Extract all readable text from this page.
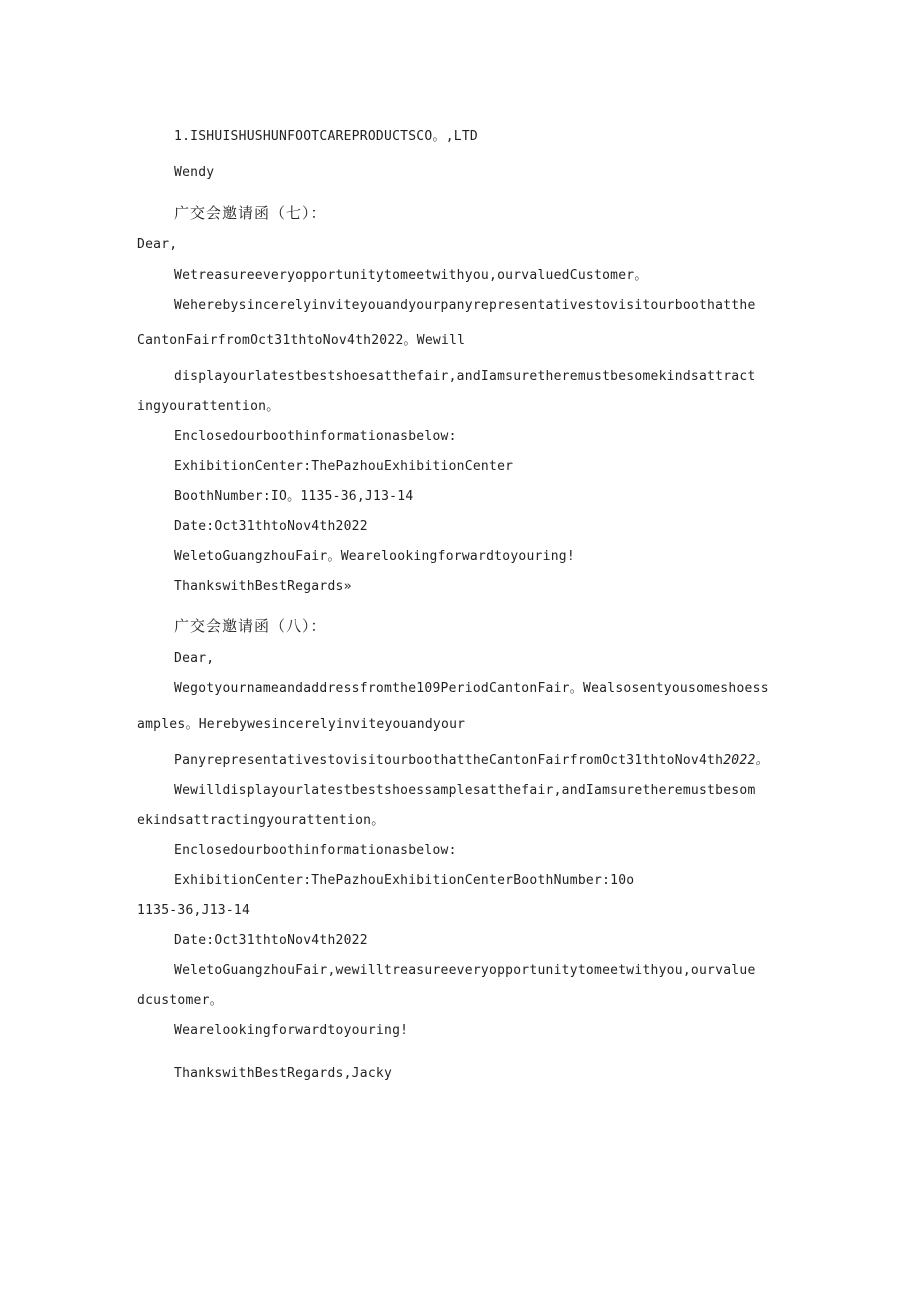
1.ISHUISHUSHUNFOOTCAREPRODUCTSCO。,LTD
Wendy
广交会邀请函（七）：
Dear,
Wetreasureeveryopportunitytomeetwithyou,ourvaluedCustomer。
Weherebysincerelyinviteyouandyourpanyrepresentativestovisitourboothatthe
CantonFairfromOct31thtoNov4th2022。Wewill
displayourlatestbestshoesatthefair,andIamsuretheremustbesomekindsattract
ingyourattention。
Enclosedourboothinformationasbelow:
ExhibitionCenter:ThePazhouExhibitionCenter
BoothNumber:IO。1135-36,J13-14
Date:Oct31thtoNov4th2022
WeletoGuangzhouFair。Wearelookingforwardtoyouring!
ThankswithBestRegards»
广交会邀请函（八）：
Dear,
Wegotyournameandaddressfromthe109PeriodCantonFair。Wealsosentyousomeshoess
amples。Herebywesincerelyinviteyouandyour
PanyrepresentativestovisitourboothattheCantonFairfromOct31thtoNov4th2022。
Wewilldisplayourlatestbestshoessamplesatthefair,andIamsuretheremustbesom
ekindsattractingyourattention。
Enclosedourboothinformationasbelow:
ExhibitionCenter:ThePazhouExhibitionCenterBoothNumber:10o
1135-36,J13-14
Date:Oct31thtoNov4th2022
WeletoGuangzhouFair,wewilltreasureeveryopportunitytomeetwithyou,ourvalue
dcustomer。
Wearelookingforwardtoyouring!
ThankswithBestRegards,Jacky
